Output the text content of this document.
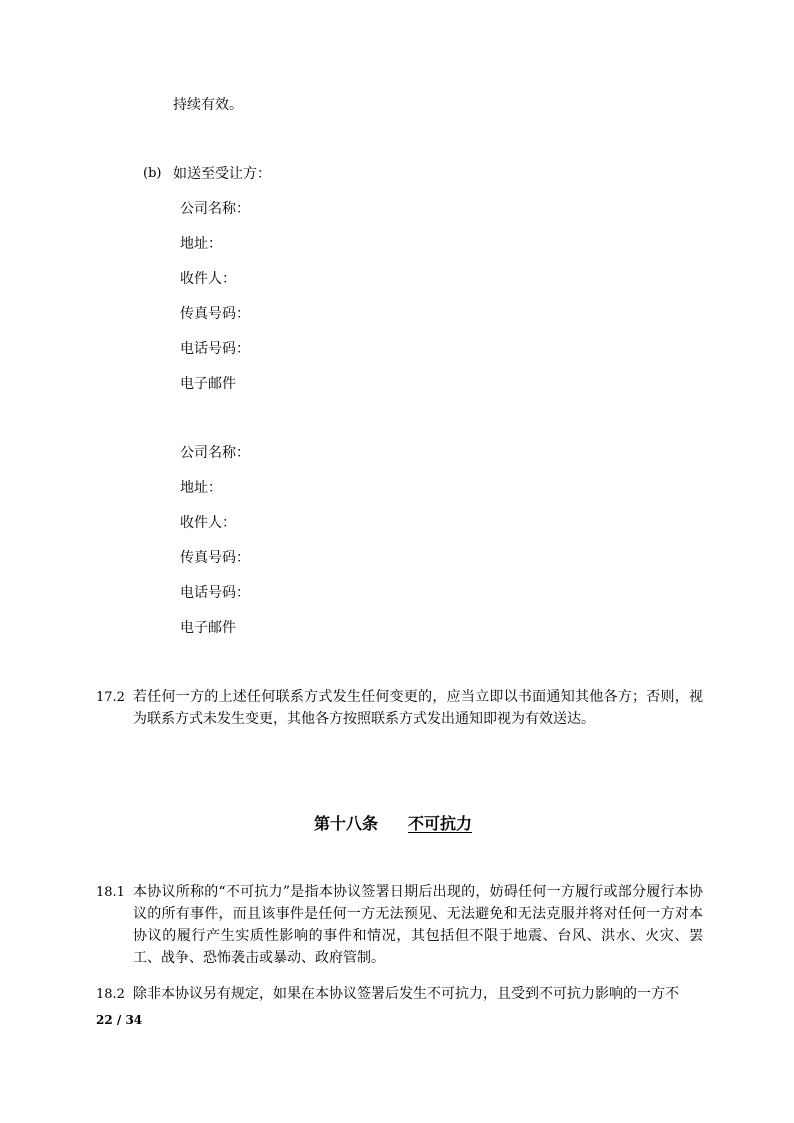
持续有效。
(b) 如送至受让方：
公司名称：
地址：
收件人：
传真号码：
电话号码：
电子邮件
公司名称：
地址：
收件人：
传真号码：
电话号码：
电子邮件
17.2 若任何一方的上述任何联系方式发生任何变更的，应当立即以书面通知其他各方；否则，视为联系方式未发生变更，其他各方按照联系方式发出通知即视为有效送达。
第十八条 不可抗力
18.1 本协议所称的“不可抗力”是指本协议签署日期后出现的，妨碍任何一方履行或部分履行本协议的所有事件，而且该事件是任何一方无法预见、无法避免和无法克服并将对任何一方对本协议的履行产生实质性影响的事件和情况，其包括但不限于地震、台风、洪水、火灾、罢工、战争、恐怖袭击或暴动、政府管制。
18.2 除非本协议另有规定，如果在本协议签署后发生不可抗力，且受到不可抗力影响的一方不
22 / 34
